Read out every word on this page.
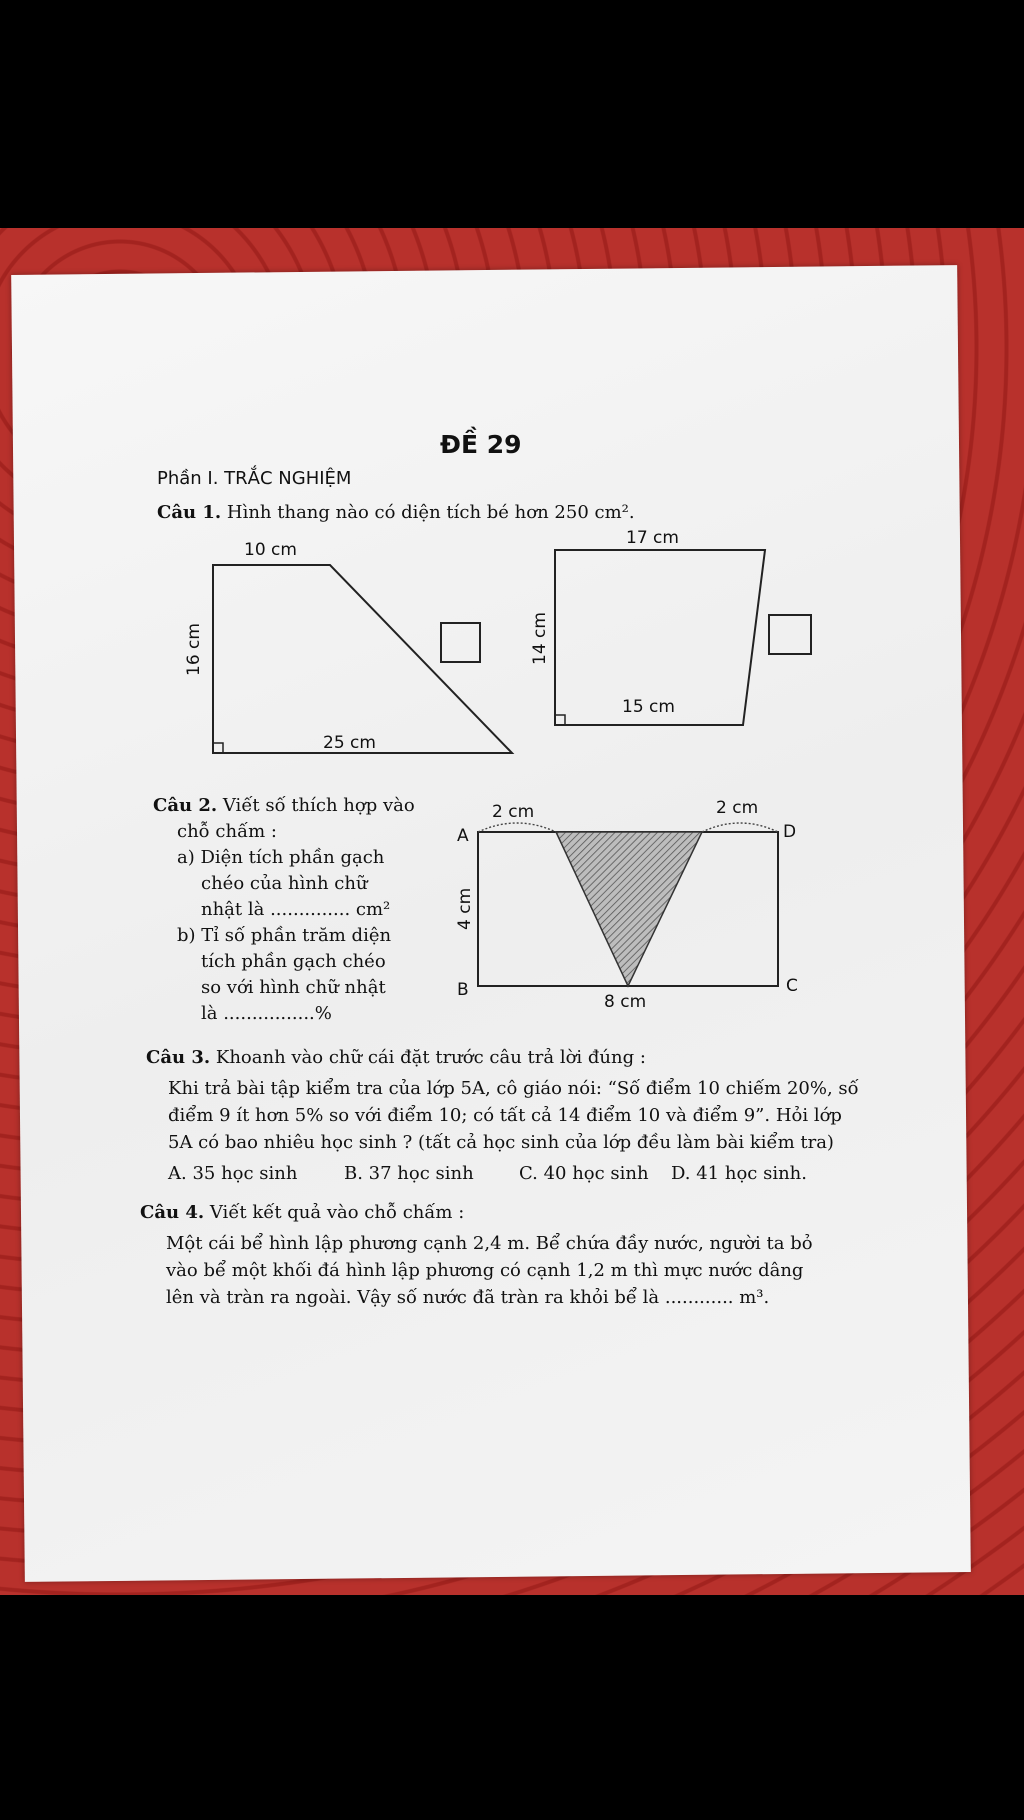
ĐỀ 29
Phần I. TRẮC NGHIỆM
Câu 1. Hình thang nào có diện tích bé hơn 250 cm².
10 cm
16 cm
25 cm
17 cm
14 cm
15 cm
Câu 2. Viết số thích hợp vào
chỗ chấm :
a) Diện tích phần gạch
chéo của hình chữ
nhật là .............. cm²
b) Tỉ số phần trăm diện
tích phần gạch chéo
so với hình chữ nhật
là ................%
A
B	C
D
2 cm	2 cm
4 cm
8 cm
Câu 3. Khoanh vào chữ cái đặt trước câu trả lời đúng :
Khi trả bài tập kiểm tra của lớp 5A, cô giáo nói: “Số điểm 10 chiếm 20%, số
điểm 9 ít hơn 5% so với điểm 10; có tất cả 14 điểm 10 và điểm 9”. Hỏi lớp
5A có bao nhiêu học sinh ? (tất cả học sinh của lớp đều làm bài kiểm tra)
A. 35 học sinh	B. 37 học sinh	C. 40 học sinh D. 41 học sinh.
Câu 4. Viết kết quả vào chỗ chấm :
Một cái bể hình lập phương cạnh 2,4 m. Bể chứa đầy nước, người ta bỏ
vào bể một khối đá hình lập phương có cạnh 1,2 m thì mực nước dâng
lên và tràn ra ngoài. Vậy số nước đã tràn ra khỏi bể là ............ m³.
